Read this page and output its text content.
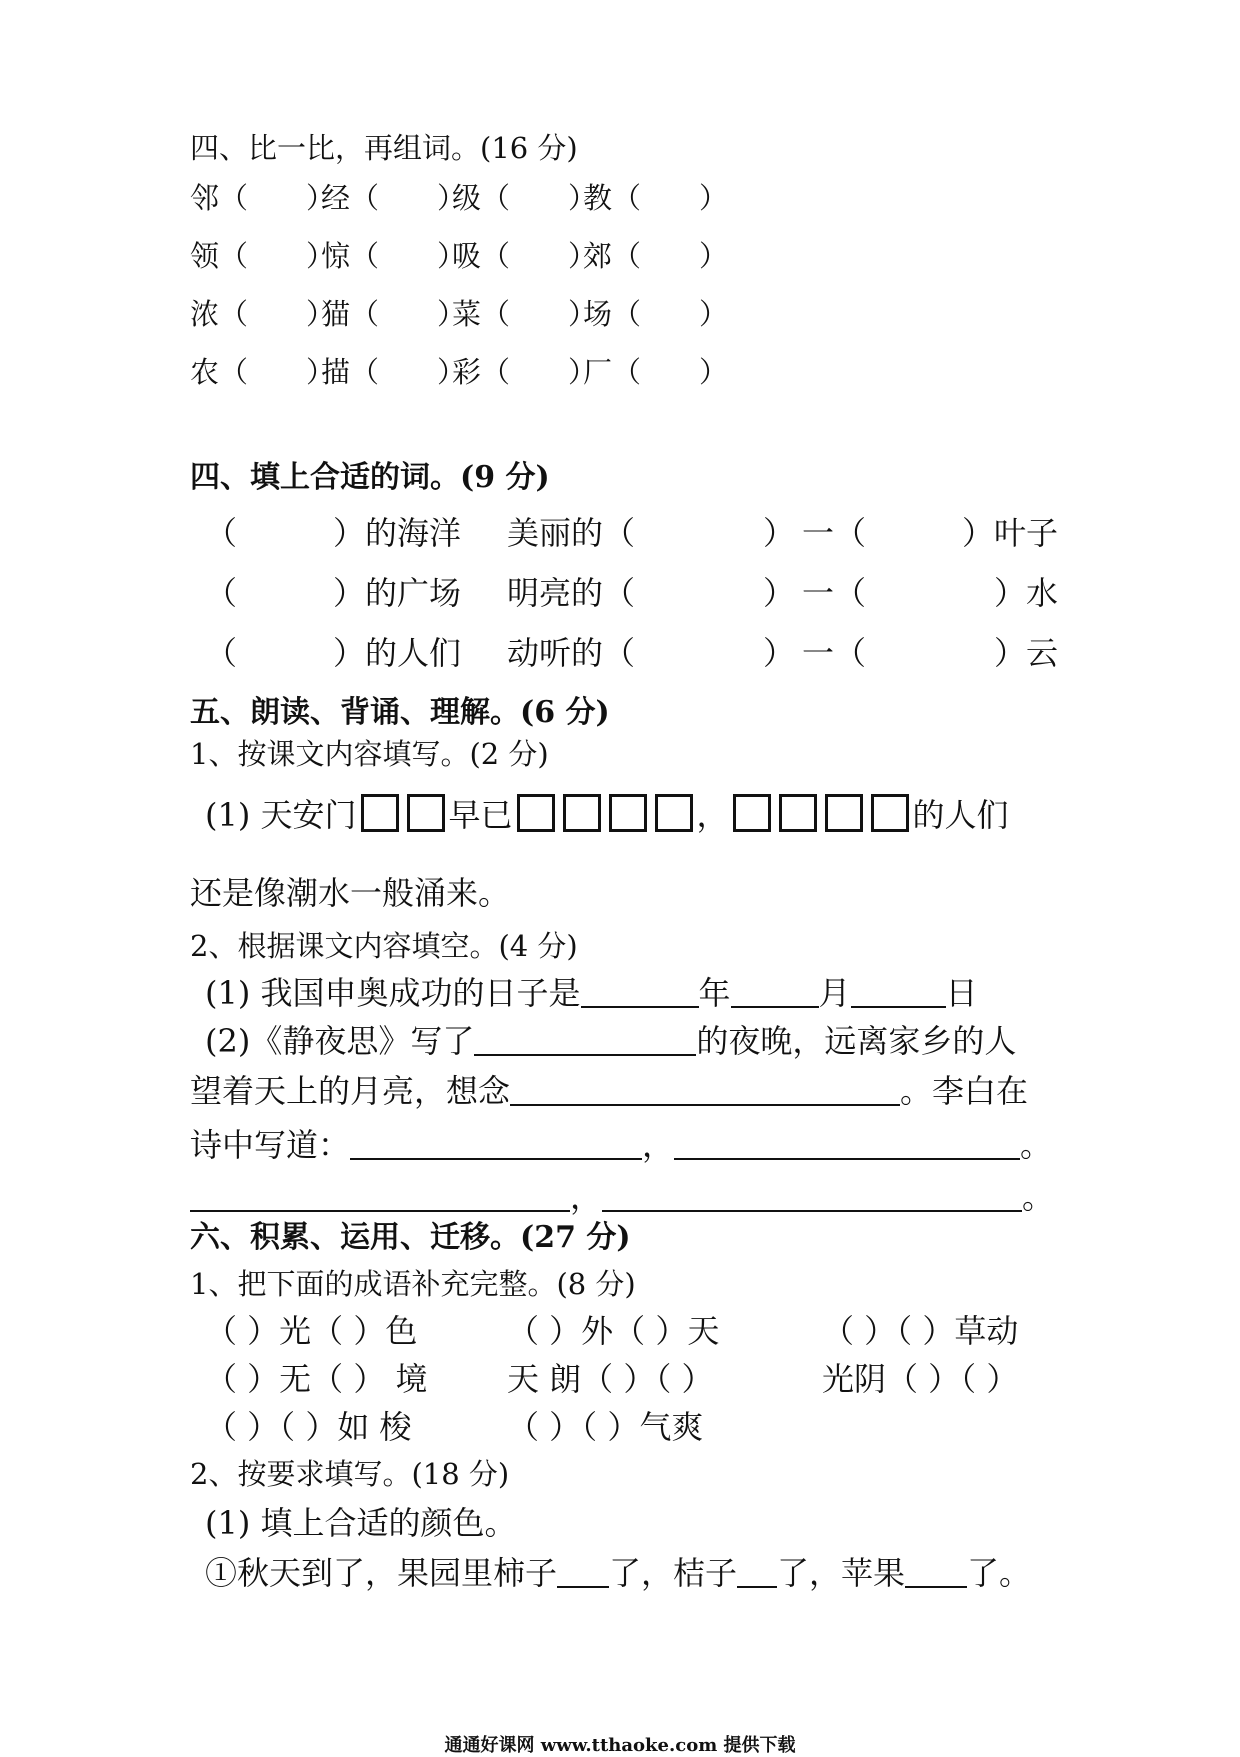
四、比一比，再组词。(16 分)
邻（　　）经（　　）级（　　）教（　　）
领（　　）惊（　　）吸（　　）郊（　　）
浓（　　）猫（　　）菜（　　）场（　　）
农（　　）描（　　）彩（　　）厂（　　）
四、填上合适的词。(9 分)
（　　　）的海洋 美丽的（　　　　） 一（　　　）叶子
（　　　）的广场 明亮的（　　　　） 一（　　　　）水
（　　　）的人们 动听的（　　　　） 一（　　　　）云
五、朗读、背诵、理解。(6 分)
1、按课文内容填写。(2 分)
(1) 天安门	早已	，	的人们
还是像潮水一般涌来。
2、根据课文内容填空。(4 分)
(1) 我国申奥成功的日子是	年	月	日
(2)《静夜思》写了	的夜晚，远离家乡的人
望着天上的月亮，想念	。李白在
诗中写道：	，	。
，	。
六、积累、运用、迁移。(27 分)
1、把下面的成语补充完整。(8 分)
（ ）光（ ）色	（ ）外（ ）天	（ ）（ ）草动
（ ）无（ ） 境 天 朗（ ）（ ）	光阴（ ）（ ）
（ ）（ ）如 梭	（ ）（ ）气爽
2、按要求填写。(18 分)
(1) 填上合适的颜色。
①秋天到了，果园里柿子 了，桔子 了，苹果 了。
通通好课网 www.tthaoke.com 提供下载
